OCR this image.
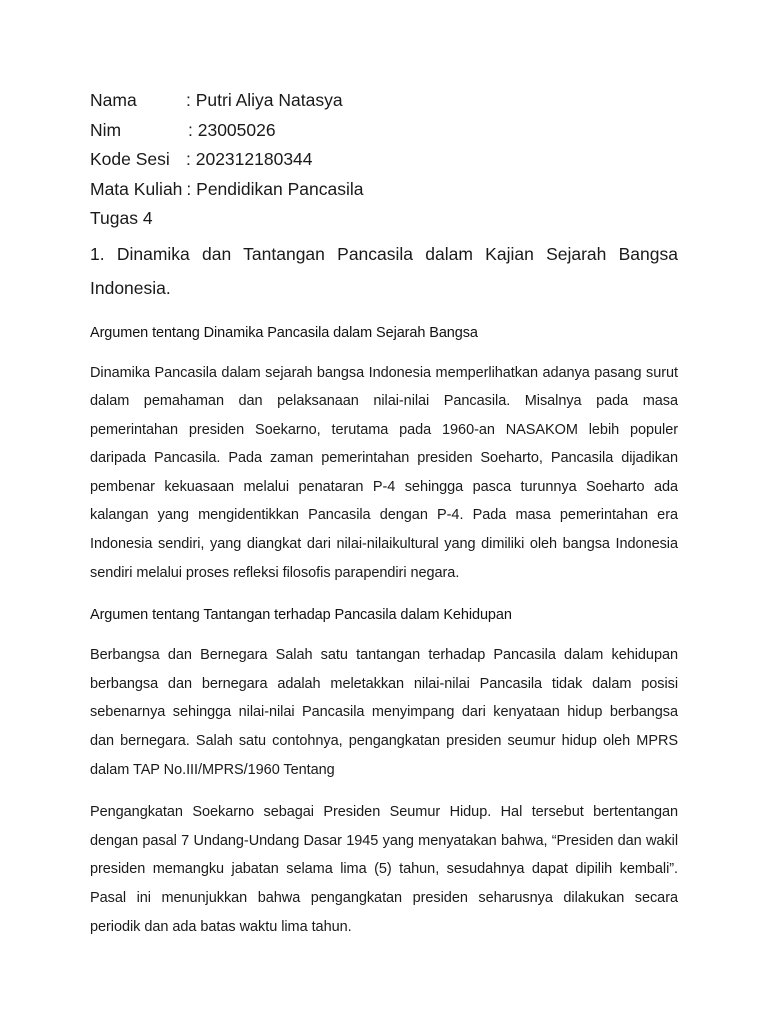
Nama	: Putri Aliya Natasya
Nim	: 23005026
Kode Sesi : 202312180344
Mata Kuliah : Pendidikan Pancasila
Tugas 4
1. Dinamika dan Tantangan Pancasila dalam Kajian Sejarah Bangsa Indonesia.
Argumen tentang Dinamika Pancasila dalam Sejarah Bangsa
Dinamika Pancasila dalam sejarah bangsa Indonesia memperlihatkan adanya pasang surut dalam pemahaman dan pelaksanaan nilai-nilai Pancasila. Misalnya pada masa pemerintahan presiden Soekarno, terutama pada 1960-an NASAKOM lebih populer daripada Pancasila. Pada zaman pemerintahan presiden Soeharto, Pancasila dijadikan pembenar kekuasaan melalui penataran P-4 sehingga pasca turunnya Soeharto ada kalangan yang mengidentikkan Pancasila dengan P-4. Pada masa pemerintahan era Indonesia sendiri, yang diangkat dari nilai-nilaikultural yang dimiliki oleh bangsa Indonesia sendiri melalui proses refleksi filosofis parapendiri negara.
Argumen tentang Tantangan terhadap Pancasila dalam Kehidupan
Berbangsa dan Bernegara Salah satu tantangan terhadap Pancasila dalam kehidupan berbangsa dan bernegara adalah meletakkan nilai-nilai Pancasila tidak dalam posisi sebenarnya sehingga nilai-nilai Pancasila menyimpang dari kenyataan hidup berbangsa dan bernegara. Salah satu contohnya, pengangkatan presiden seumur hidup oleh MPRS dalam TAP No.III/MPRS/1960 Tentang
Pengangkatan Soekarno sebagai Presiden Seumur Hidup. Hal tersebut bertentangan dengan pasal 7 Undang-Undang Dasar 1945 yang menyatakan bahwa, “Presiden dan wakil presiden memangku jabatan selama lima (5) tahun, sesudahnya dapat dipilih kembali”. Pasal ini menunjukkan bahwa pengangkatan presiden seharusnya dilakukan secara periodik dan ada batas waktu lima tahun.
